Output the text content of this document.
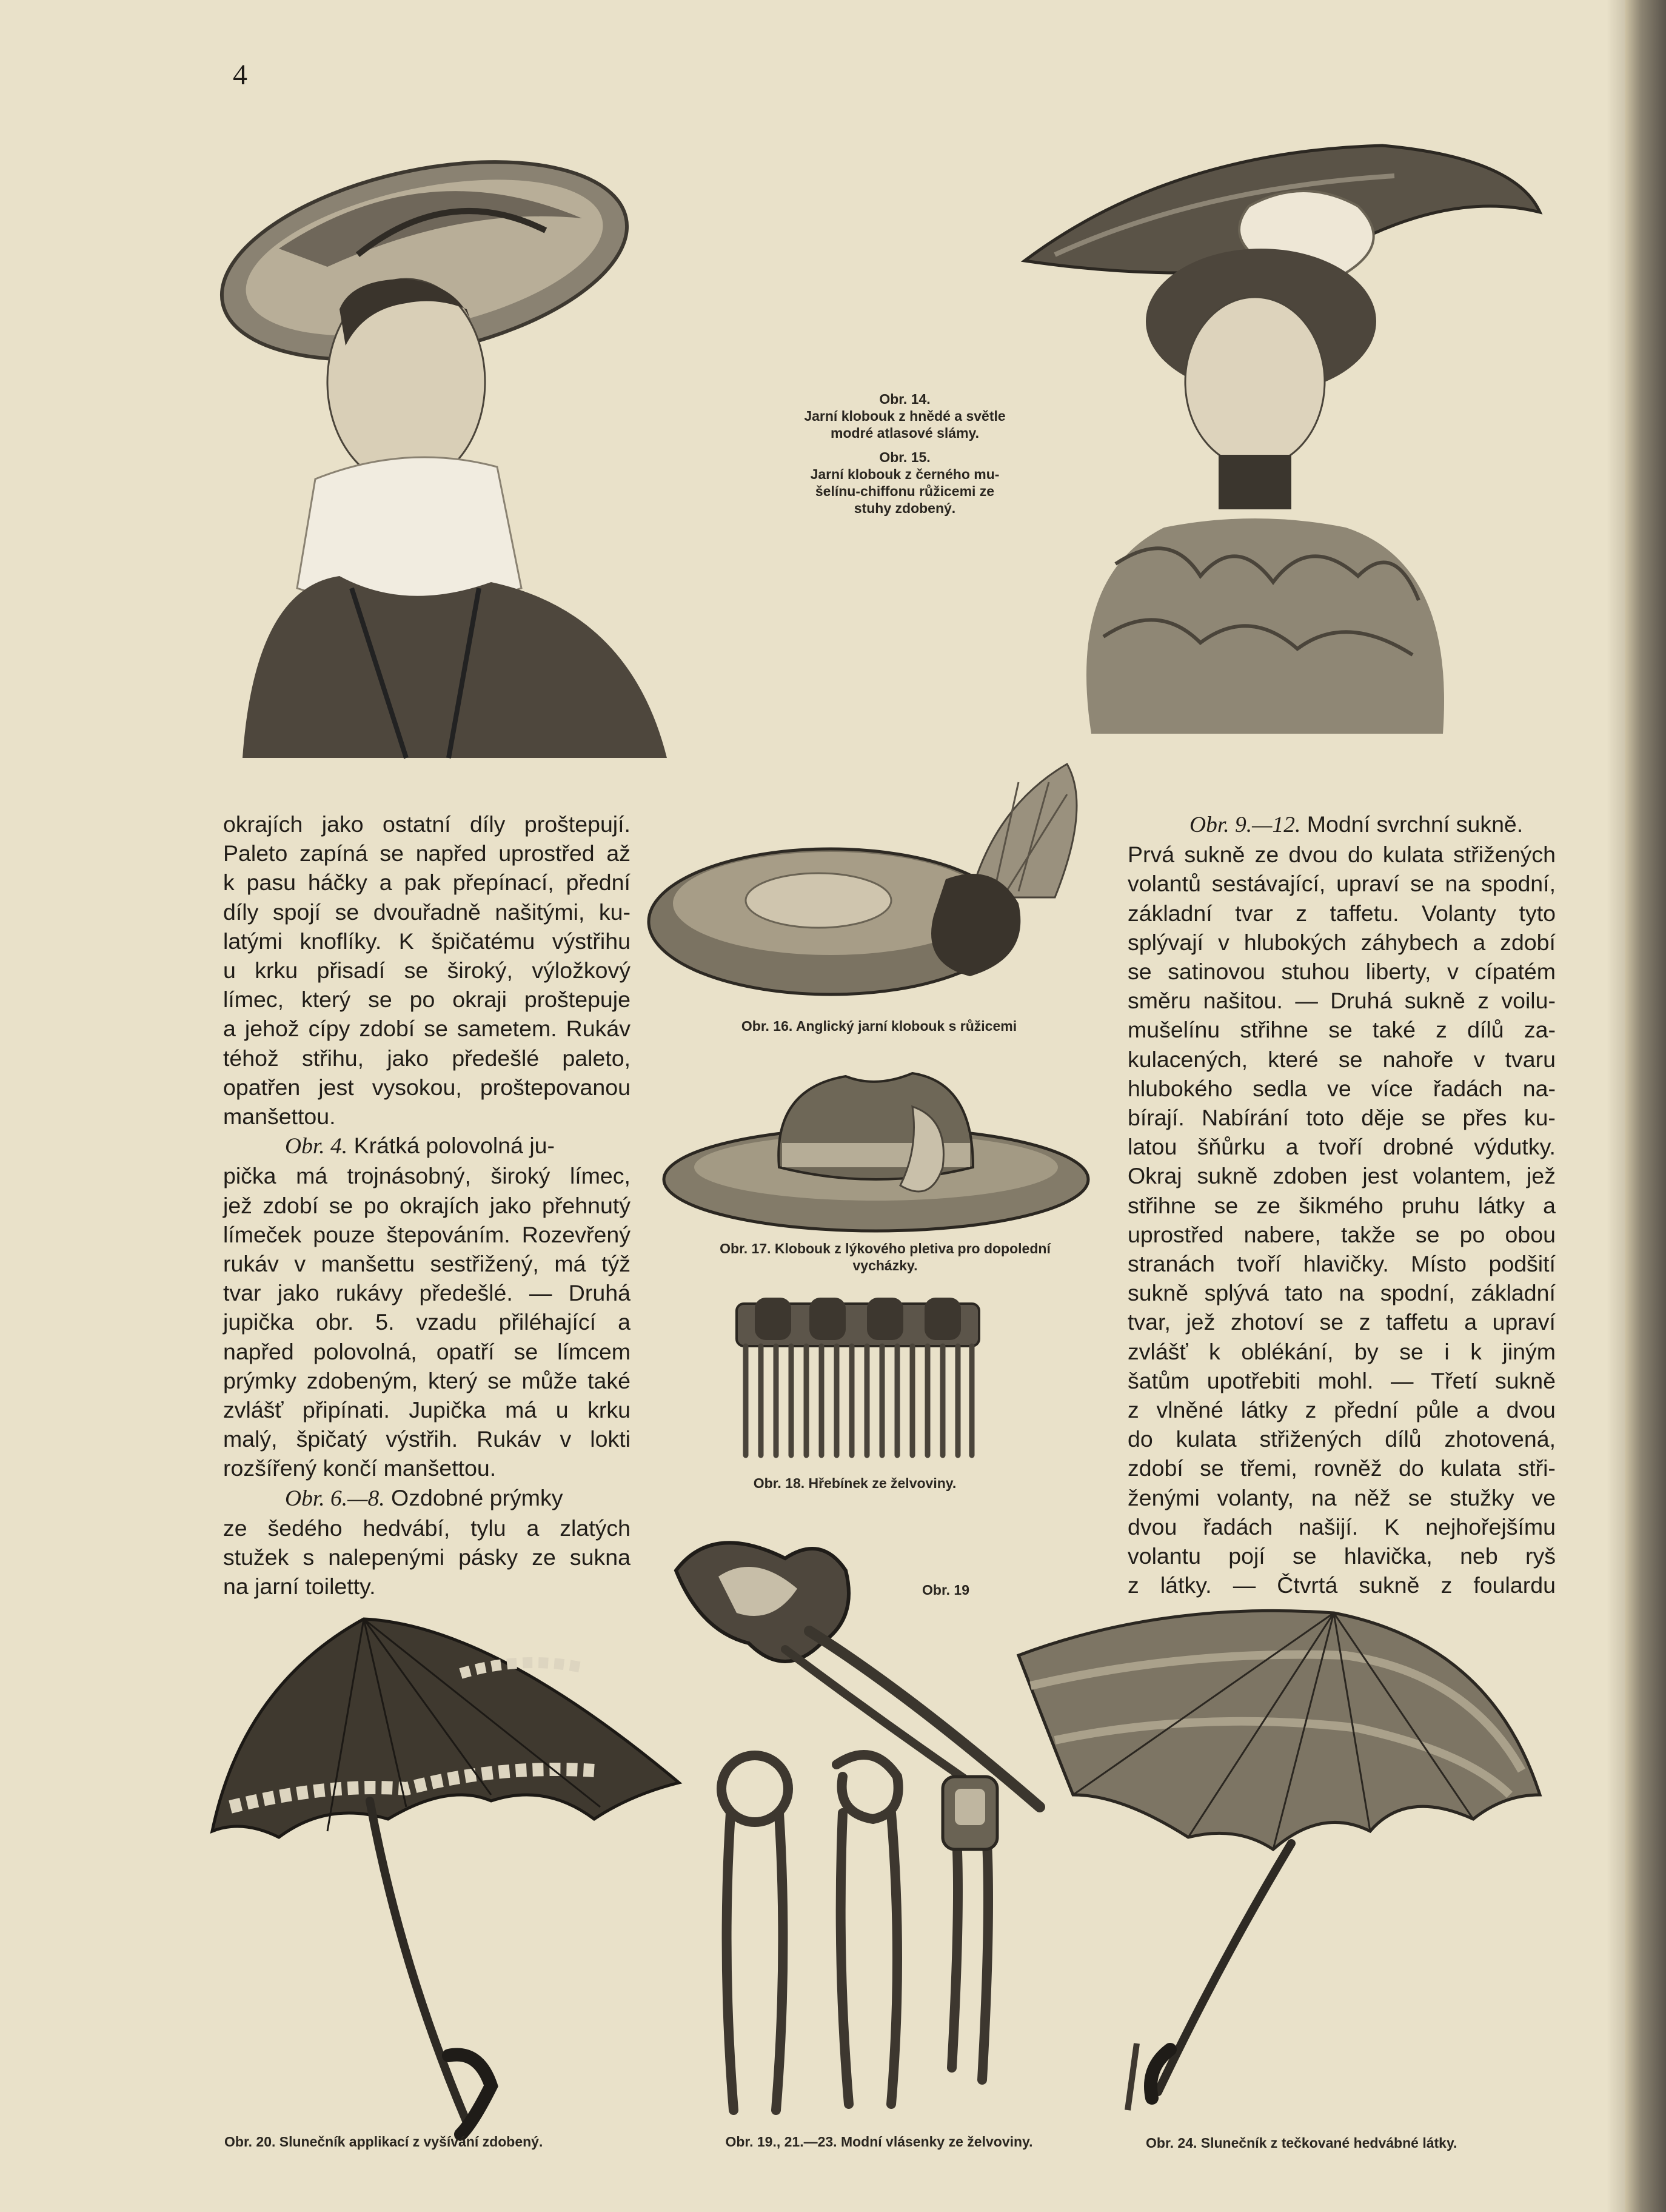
4
Obr. 14.
Jarní klobouk z hnědé a světle
modré atlasové slámy.
Obr. 15.
Jarní klobouk z černého mu-
šelínu-chiffonu růžicemi ze
stuhy zdobený.
okrajích jako ostatní díly proštepují.
Paleto zapíná se napřed uprostřed až
k pasu háčky a pak přepínací, přední
díly spojí se dvouřadně našitými, ku-
latými knoflíky. K špičatému výstřihu
u krku přisadí se široký, výložkový
límec, který se po okraji proštepuje
a jehož cípy zdobí se sametem. Rukáv
téhož střihu, jako předešlé paleto,
opatřen jest vysokou, proštepovanou
manšettou.
Obr. 4. Krátká polovolná ju-
pička má trojnásobný, široký límec,
jež zdobí se po okrajích jako přehnutý
límeček pouze štepováním. Rozevřený
rukáv v manšettu sestřižený, má týž
tvar jako rukávy předešlé. — Druhá
jupička obr. 5. vzadu přiléhající a
napřed polovolná, opatří se límcem
prýmky zdobeným, který se může také
zvlášť připínati. Jupička má u krku
malý, špičatý výstřih. Rukáv v lokti
rozšířený končí manšettou.
Obr. 6.—8. Ozdobné prýmky
ze šedého hedvábí, tylu a zlatých
stužek s nalepenými pásky ze sukna
na jarní toiletty.
Obr. 9.—12. Modní svrchní sukně.
Prvá sukně ze dvou do kulata střižených
volantů sestávající, upraví se na spodní,
základní tvar z taffetu. Volanty tyto
splývají v hlubokých záhybech a zdobí
se satinovou stuhou liberty, v cípatém
směru našitou. — Druhá sukně z voilu-
mušelínu střihne se také z dílů za-
kulacených, které se nahoře v tvaru
hlubokého sedla ve více řadách na-
bírají. Nabírání toto děje se přes ku-
latou šňůrku a tvoří drobné výdutky.
Okraj sukně zdoben jest volantem, jež
střihne se ze šikmého pruhu látky a
uprostřed nabere, takže se po obou
stranách tvoří hlavičky. Místo podšití
sukně splývá tato na spodní, základní
tvar, jež zhotoví se z taffetu a upraví
zvlášť k oblékání, by se i k jiným
šatům upotřebiti mohl. — Třetí sukně
z vlněné látky z přední půle a dvou
do kulata střižených dílů zhotovená,
zdobí se třemi, rovněž do kulata stři-
ženými volanty, na něž se stužky ve
dvou řadách našijí. K nejhořejšímu
volantu pojí se hlavička, neb ryš
z látky. — Čtvrtá sukně z foulardu
Obr. 16. Anglický jarní klobouk s růžicemi
Obr. 17. Klobouk z lýkového pletiva pro dopolední
vycházky.
Obr. 18. Hřebínek ze želvoviny.
Obr. 19
Obr. 20. Slunečník applikací z vyšívání zdobený.	Obr. 24. Slunečník z tečkované hedvábné látky.
Obr. 19., 21.—23. Modní vlásenky ze želvoviny.
